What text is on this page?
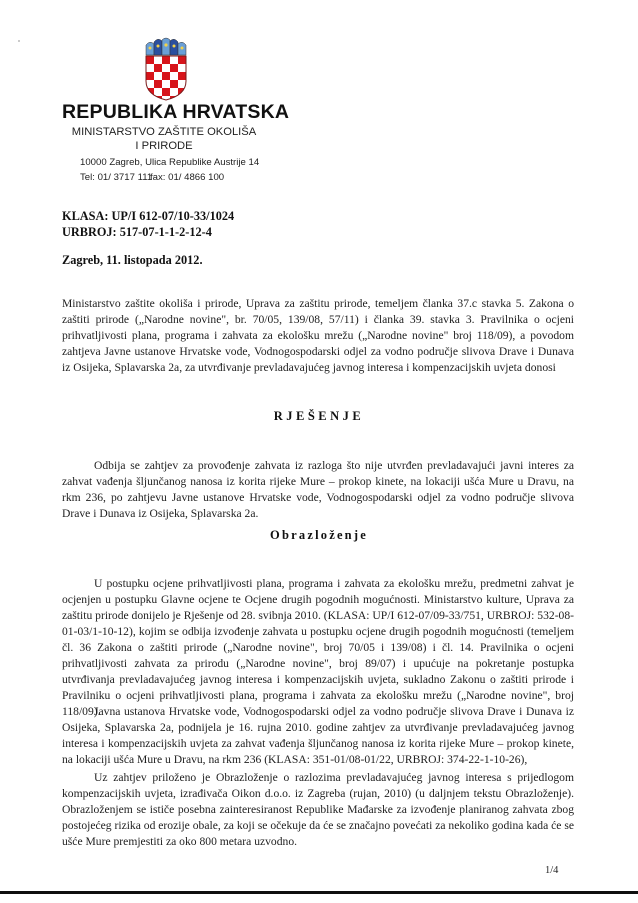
REPUBLIKA HRVATSKA
MINISTARSTVO ZAŠTITE OKOLIŠA
I PRIRODE
10000 Zagreb, Ulica Republike Austrije 14
Tel: 01/ 3717 111
fax: 01/ 4866 100
KLASA: UP/I 612-07/10-33/1024
URBROJ: 517-07-1-1-2-12-4
Zagreb, 11. listopada 2012.

Ministarstvo zaštite okoliša i prirode, Uprava za zaštitu prirode, temeljem članka 37.c stavka 5. Zakona o zaštiti prirode („Narodne novine", br. 70/05, 139/08, 57/11) i članka 39. stavka 3. Pravilnika o ocjeni prihvatljivosti plana, programa i zahvata za ekološku mrežu („Narodne novine" broj 118/09), a povodom zahtjeva Javne ustanove Hrvatske vode, Vodnogospodarski odjel za vodno područje slivova Drave i Dunava iz Osijeka, Splavarska 2a, za utvrđivanje prevladavajućeg javnog interesa i kompenzacijskih uvjeta donosi

RJEŠENJE

Odbija se zahtjev za provođenje zahvata iz razloga što nije utvrđen prevladavajući javni interes za zahvat vađenja šljunčanog nanosa iz korita rijeke Mure – prokop kinete, na lokaciji ušća Mure u Dravu, na rkm 236, po zahtjevu Javne ustanove Hrvatske vode, Vodnogospodarski odjel za vodno područje slivova Drave i Dunava iz Osijeka, Splavarska 2a.

Obrazloženje

U postupku ocjene prihvatljivosti plana, programa i zahvata za ekološku mrežu, predmetni zahvat je ocjenjen u postupku Glavne ocjene te Ocjene drugih pogodnih mogućnosti. Ministarstvo kulture, Uprava za zaštitu prirode donijelo je Rješenje od 28. svibnja 2010. (KLASA: UP/I 612-07/09-33/751, URBROJ: 532-08-01-03/1-10-12), kojim se odbija izvođenje zahvata u postupku ocjene drugih pogodnih mogućnosti (temeljem čl. 36 Zakona o zaštiti prirode („Narodne novine", broj 70/05 i 139/08) i čl. 14. Pravilnika o ocjeni prihvatljivosti zahvata za prirodu („Narodne novine", broj 89/07) i upućuje na pokretanje postupka utvrđivanja prevladavajućeg javnog interesa i kompenzacijskih uvjeta, sukladno Zakonu o zaštiti prirode i Pravilniku o ocjeni prihvatljivosti plana, programa i zahvata za ekološku mrežu („Narodne novine", broj 118/09).

Javna ustanova Hrvatske vode, Vodnogospodarski odjel za vodno područje slivova Drave i Dunava iz Osijeka, Splavarska 2a, podnijela je 16. rujna 2010. godine zahtjev za utvrđivanje prevladavajućeg javnog interesa i kompenzacijskih uvjeta za zahvat vađenja šljunčanog nanosa iz korita rijeke Mure – prokop kinete, na lokaciji ušća Mure u Dravu, na rkm 236 (KLASA: 351-01/08-01/22, URBROJ: 374-22-1-10-26),

Uz zahtjev priloženo je Obrazloženje o razlozima prevladavajućeg javnog interesa s prijedlogom kompenzacijskih uvjeta, izrađivača Oikon d.o.o. iz Zagreba (rujan, 2010) (u daljnjem tekstu Obrazloženje). Obrazloženjem se ističe posebna zainteresiranost Republike Mađarske za izvođenje planiranog zahvata zbog postojećeg rizika od erozije obale, za koji se očekuje da će se značajno povećati za nekoliko godina kada će se ušće Mure premjestiti za oko 800 metara uzvodno.

1/4
